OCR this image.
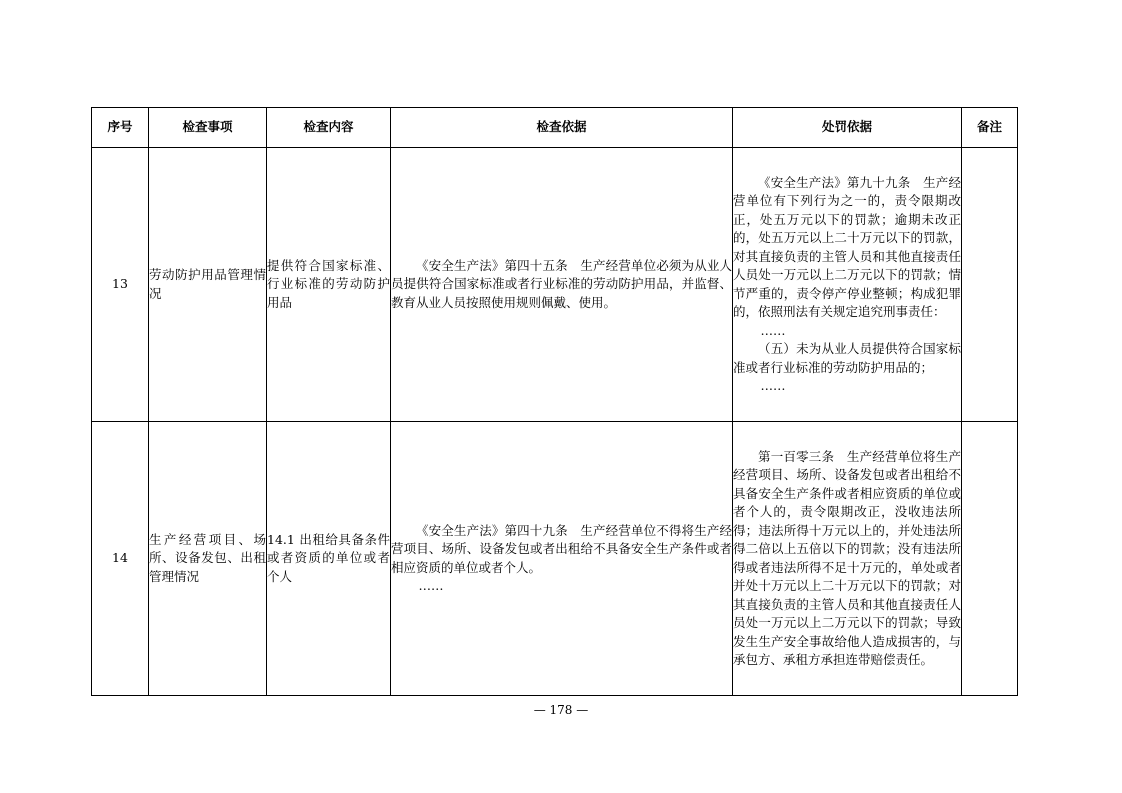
序号	检查事项	检查内容	检查依据	处罚依据	备注
13	劳动防护用品管理情况	提供符合国家标准、行业标准的劳动防护用品	《安全生产法》第四十五条　生产经营单位必须为从业人员提供符合国家标准或者行业标准的劳动防护用品，并监督、教育从业人员按照使用规则佩戴、使用。	《安全生产法》第九十九条　生产经营单位有下列行为之一的，责令限期改正，处五万元以下的罚款；逾期未改正的，处五万元以上二十万元以下的罚款，对其直接负责的主管人员和其他直接责任人员处一万元以上二万元以下的罚款；情节严重的，责令停产停业整顿；构成犯罪的，依照刑法有关规定追究刑事责任：

……

（五）未为从业人员提供符合国家标准或者行业标准的劳动防护用品的；

……	

14	生产经营项目、场所、设备发包、出租管理情况	14.1 出租给具备条件或者资质的单位或者个人	《安全生产法》第四十九条　生产经营单位不得将生产经营项目、场所、设备发包或者出租给不具备安全生产条件或者相应资质的单位或者个人。

……	第一百零三条　生产经营单位将生产经营项目、场所、设备发包或者出租给不具备安全生产条件或者相应资质的单位或者个人的，责令限期改正，没收违法所得；违法所得十万元以上的，并处违法所得二倍以上五倍以下的罚款；没有违法所得或者违法所得不足十万元的，单处或者并处十万元以上二十万元以下的罚款；对其直接负责的主管人员和其他直接责任人员处一万元以上二万元以下的罚款；导致发生生产安全事故给他人造成损害的，与承包方、承租方承担连带赔偿责任。	

— 178 —
